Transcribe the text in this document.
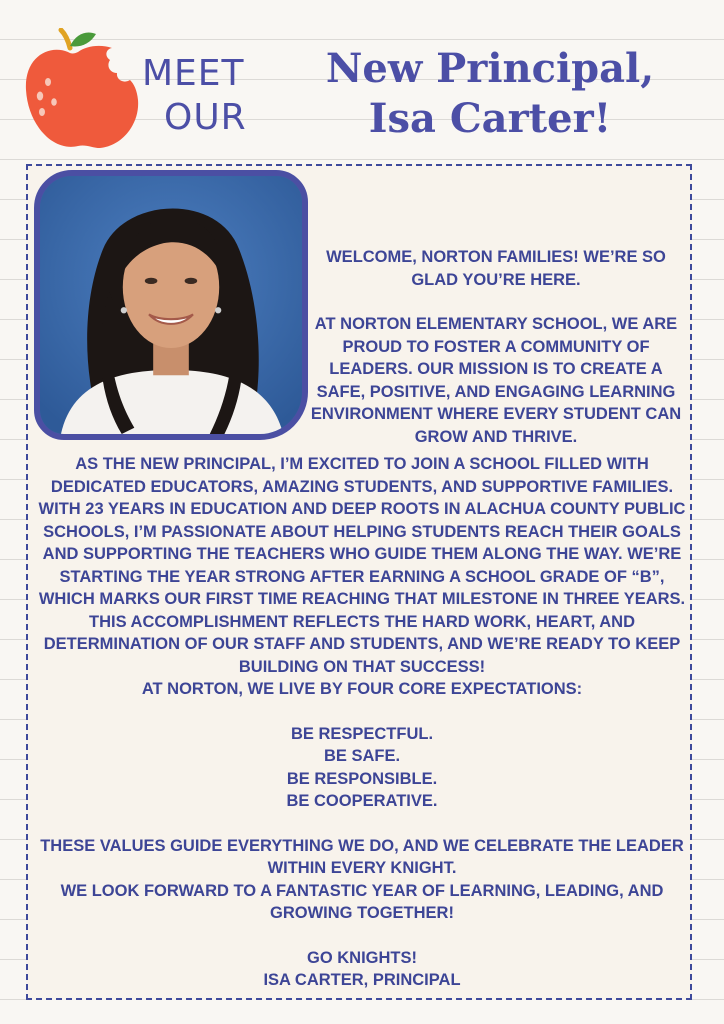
MEET
OUR
New Principal,
Isa Carter!
WELCOME, NORTON FAMILIES! WE’RE SO GLAD YOU’RE HERE.
AT NORTON ELEMENTARY SCHOOL, WE ARE PROUD TO FOSTER A COMMUNITY OF LEADERS. OUR MISSION IS TO CREATE A SAFE, POSITIVE, AND ENGAGING LEARNING ENVIRONMENT WHERE EVERY STUDENT CAN GROW AND THRIVE.
AS THE NEW PRINCIPAL, I’M EXCITED TO JOIN A SCHOOL FILLED WITH DEDICATED EDUCATORS, AMAZING STUDENTS, AND SUPPORTIVE FAMILIES. WITH 23 YEARS IN EDUCATION AND DEEP ROOTS IN ALACHUA COUNTY PUBLIC SCHOOLS, I’M PASSIONATE ABOUT HELPING STUDENTS REACH THEIR GOALS AND SUPPORTING THE TEACHERS WHO GUIDE THEM ALONG THE WAY. WE’RE STARTING THE YEAR STRONG AFTER EARNING A SCHOOL GRADE OF “B”, WHICH MARKS OUR FIRST TIME REACHING THAT MILESTONE IN THREE YEARS. THIS ACCOMPLISHMENT REFLECTS THE HARD WORK, HEART, AND DETERMINATION OF OUR STAFF AND STUDENTS, AND WE’RE READY TO KEEP BUILDING ON THAT SUCCESS!
AT NORTON, WE LIVE BY FOUR CORE EXPECTATIONS:
BE RESPECTFUL.
BE SAFE.
BE RESPONSIBLE.
BE COOPERATIVE.
THESE VALUES GUIDE EVERYTHING WE DO, AND WE CELEBRATE THE LEADER WITHIN EVERY KNIGHT.
WE LOOK FORWARD TO A FANTASTIC YEAR OF LEARNING, LEADING, AND GROWING TOGETHER!
GO KNIGHTS!
ISA CARTER, PRINCIPAL
